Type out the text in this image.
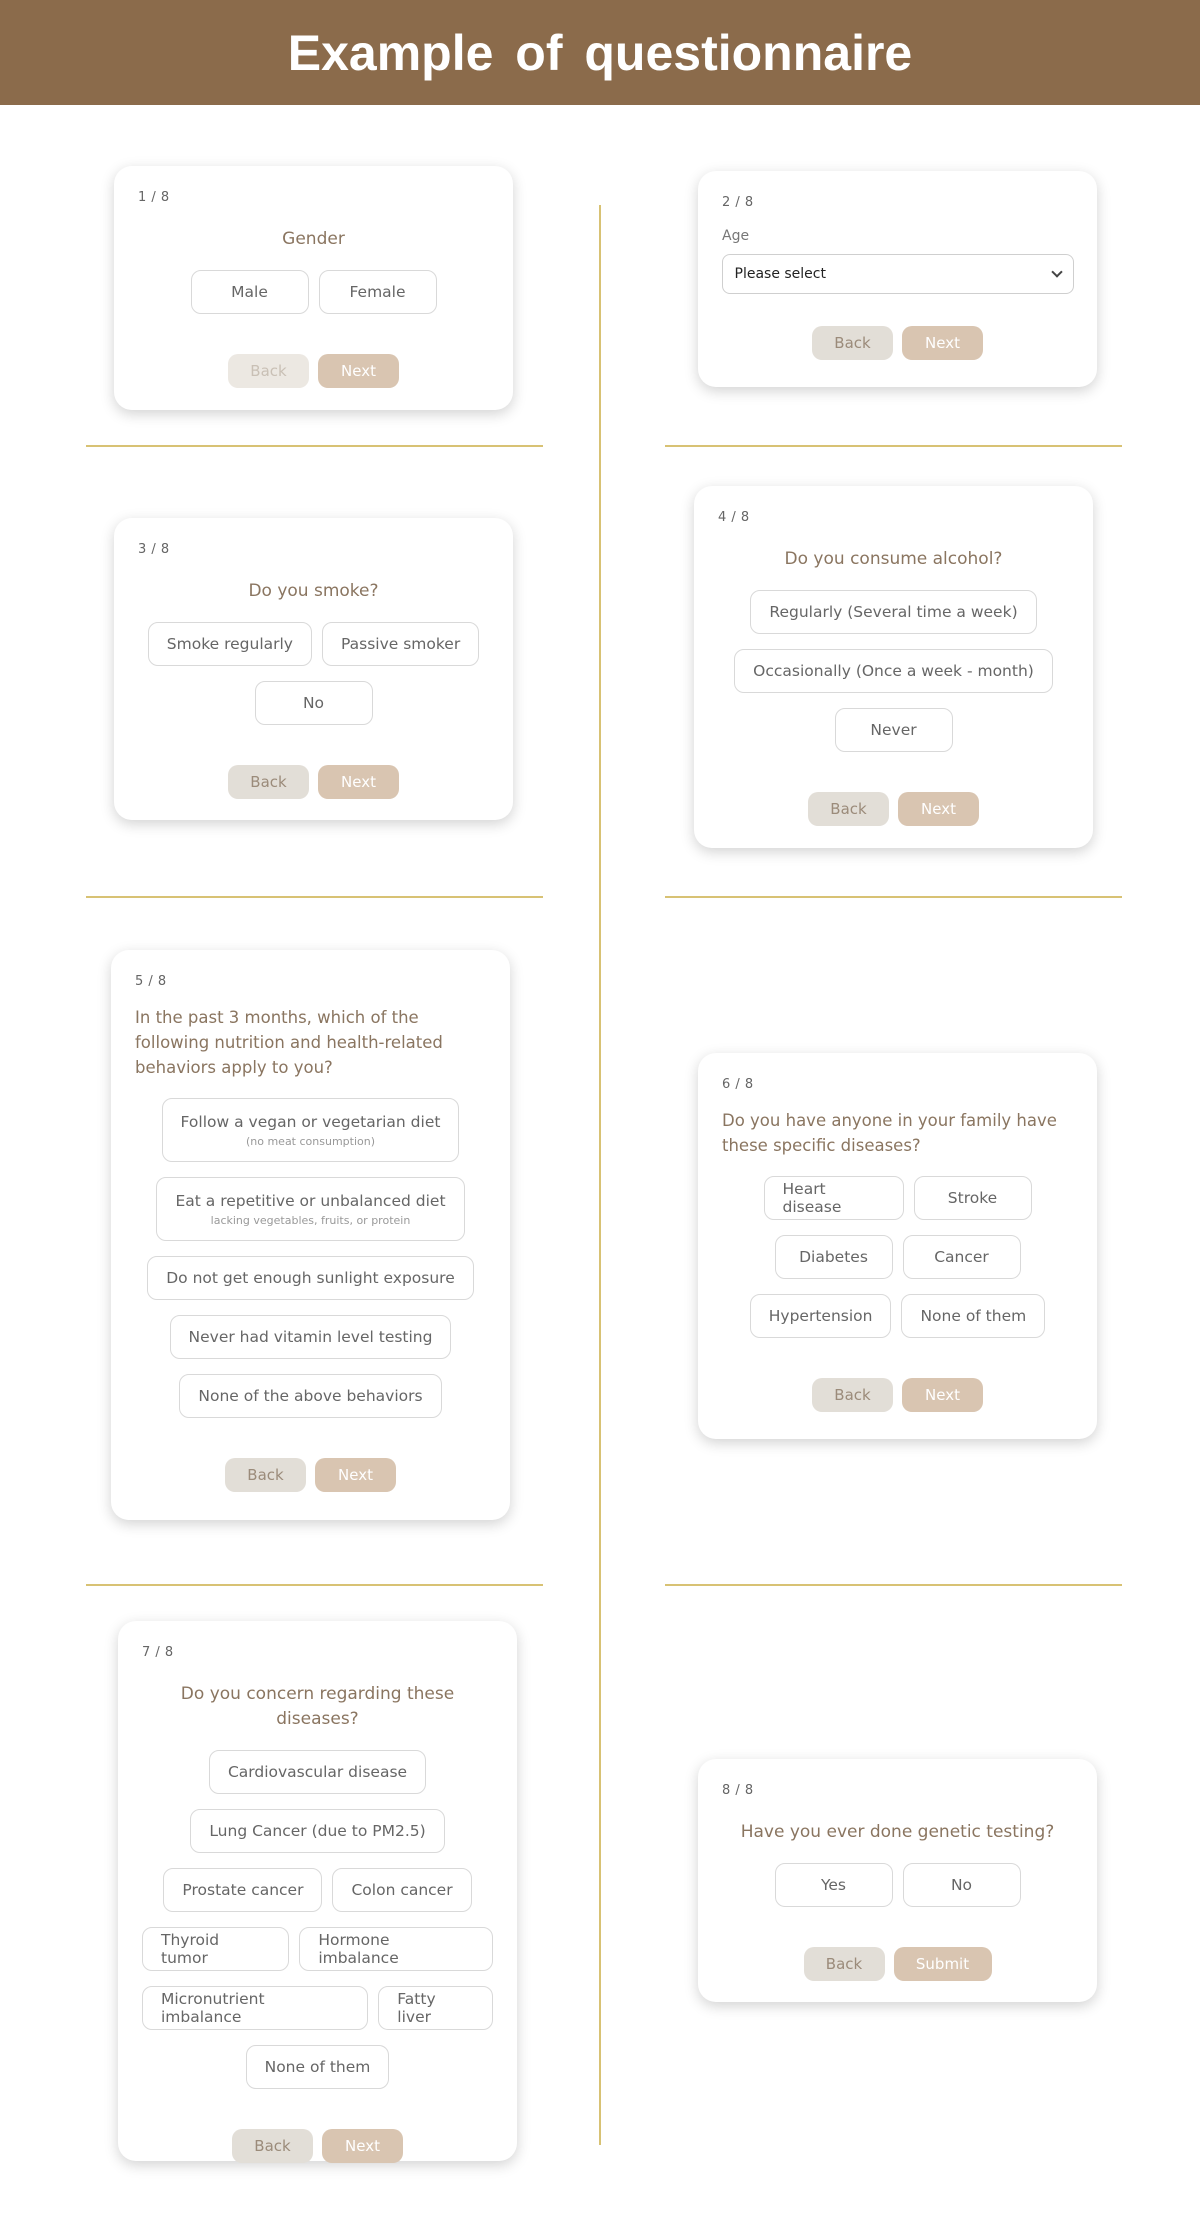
Example of questionnaire
1 / 8
Gender
Male	Female
Back	Next
2 / 8
Age
Please select
Back	Next
3 / 8
Do you smoke?
Smoke regularly	Passive smoker
No
Back	Next
4 / 8
Do you consume alcohol?
Regularly (Several time a week)
Occasionally (Once a week - month)
Never
Back	Next
5 / 8
In the past 3 months, which of the following nutrition and health-related behaviors apply to you?
Follow a vegan or vegetarian diet
(no meat consumption)
Eat a repetitive or unbalanced diet
lacking vegetables, fruits, or protein
Do not get enough sunlight exposure
Never had vitamin level testing
None of the above behaviors
Back	Next
6 / 8
Do you have anyone in your family have these specific diseases?
Heart disease	Stroke
Diabetes	Cancer
Hypertension	None of them
Back	Next
7 / 8
Do you concern regarding these diseases?
Cardiovascular disease
Lung Cancer (due to PM2.5)
Prostate cancer	Colon cancer
Thyroid tumor
Hormone imbalance
Micronutrient imbalance
Fatty liver
None of them
Back	Next
8 / 8
Have you ever done genetic testing?
Yes	No
Back	Submit
